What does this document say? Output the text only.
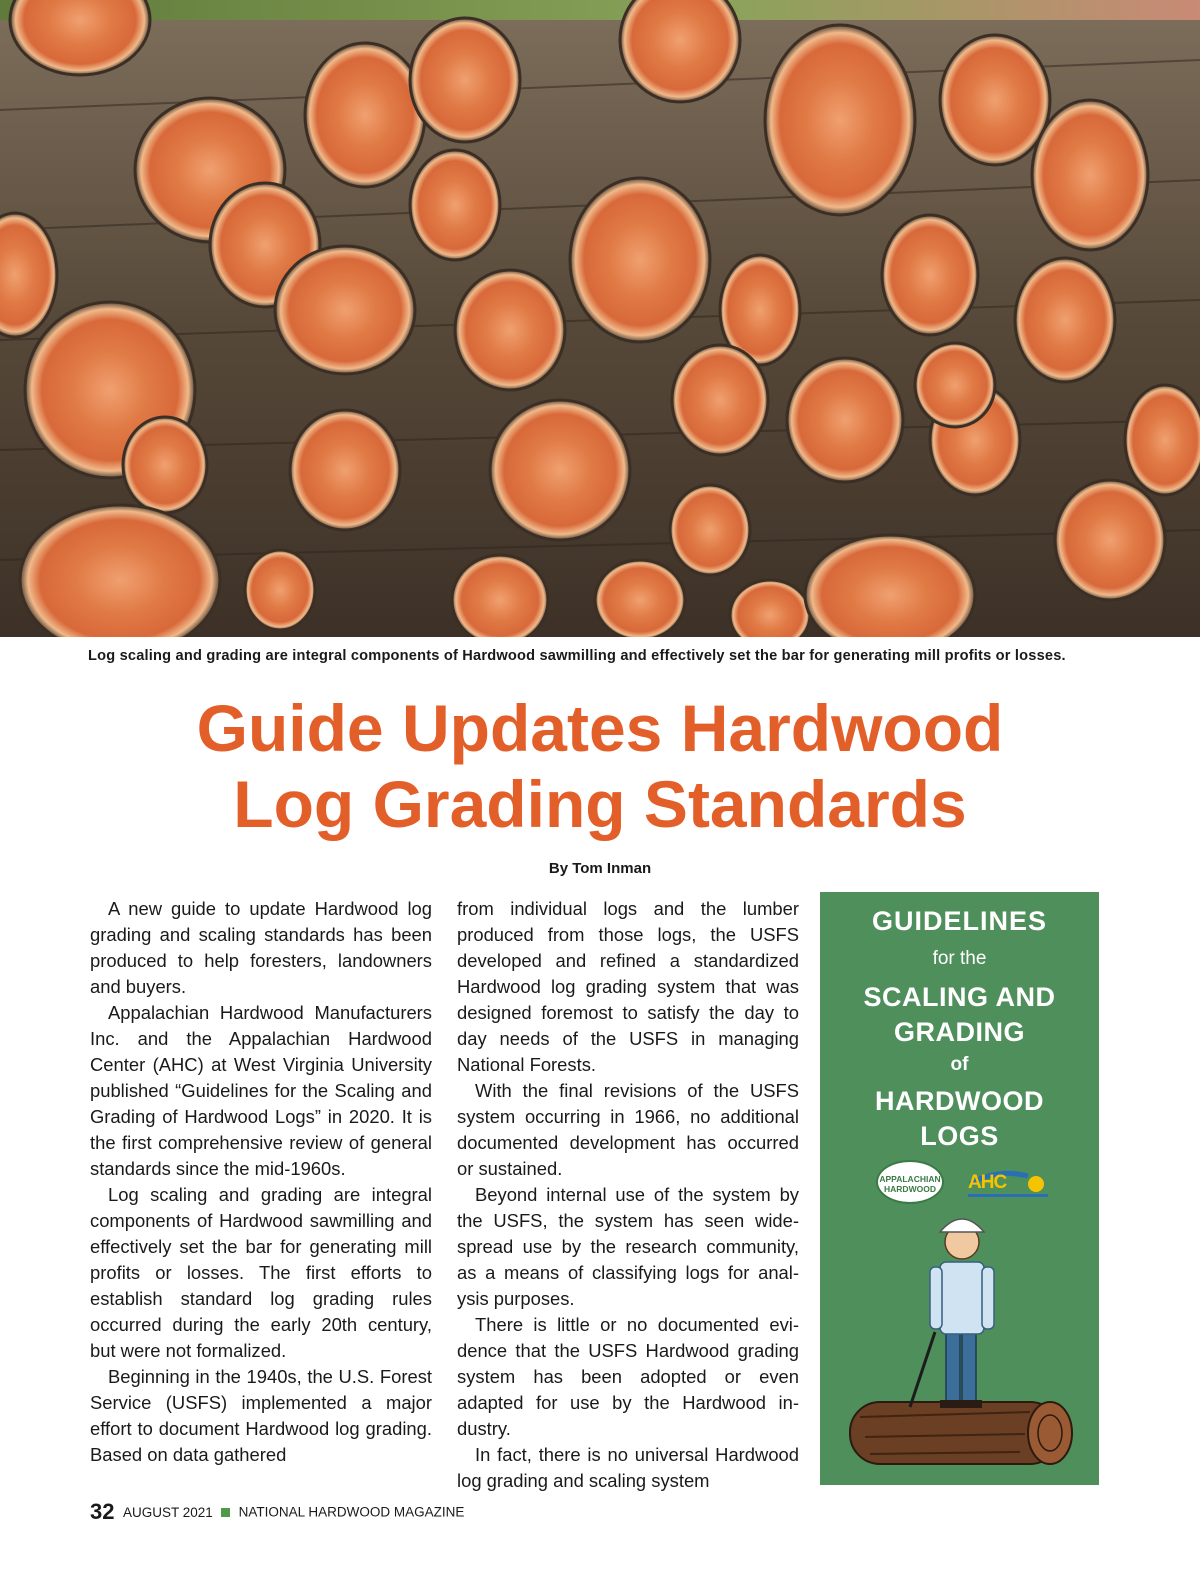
Log scaling and grading are integral components of Hardwood sawmilling and effectively set the bar for generating mill profits or losses.
Guide Updates Hardwood
Log Grading Standards
By Tom Inman

A new guide to update Hardwood log grading and scaling standards has been produced to help foresters, landowners and buyers.

Appalachian Hardwood Manufacturers Inc. and the Appalachian Hardwood Center (AHC) at West Virginia University published “Guidelines for the Scaling and Grading of Hardwood Logs” in 2020. It is the first comprehensive review of general standards since the mid-1960s.

Log scaling and grading are integral components of Hardwood sawmilling and effectively set the bar for generating mill profits or losses. The first efforts to establish standard log grading rules occurred during the early 20th century, but were not formalized.

Beginning in the 1940s, the U.S. Forest Service (USFS) implemented a major effort to document Hardwood log grading. Based on data gathered

from individual logs and the lumber produced from those logs, the USFS developed and refined a standardized Hardwood log grading system that was designed foremost to satisfy the day to day needs of the USFS in managing National Forests.

With the final revisions of the USFS system occurring in 1966, no additional documented development has occurred or sustained.

Beyond internal use of the system by the USFS, the system has seen widespread use by the research community, as a means of classifying logs for analysis purposes.

There is little or no documented evidence that the USFS Hardwood grading system has been adopted or even adapted for use by the Hardwood industry.

In fact, there is no universal Hardwood log grading and scaling system

GUIDELINES
for the
SCALING AND
GRADING
of
HARDWOOD
LOGS
APPALACHIAN
HARDWOOD	AHC
32 AUGUST 2021 NATIONAL HARDWOOD MAGAZINE
